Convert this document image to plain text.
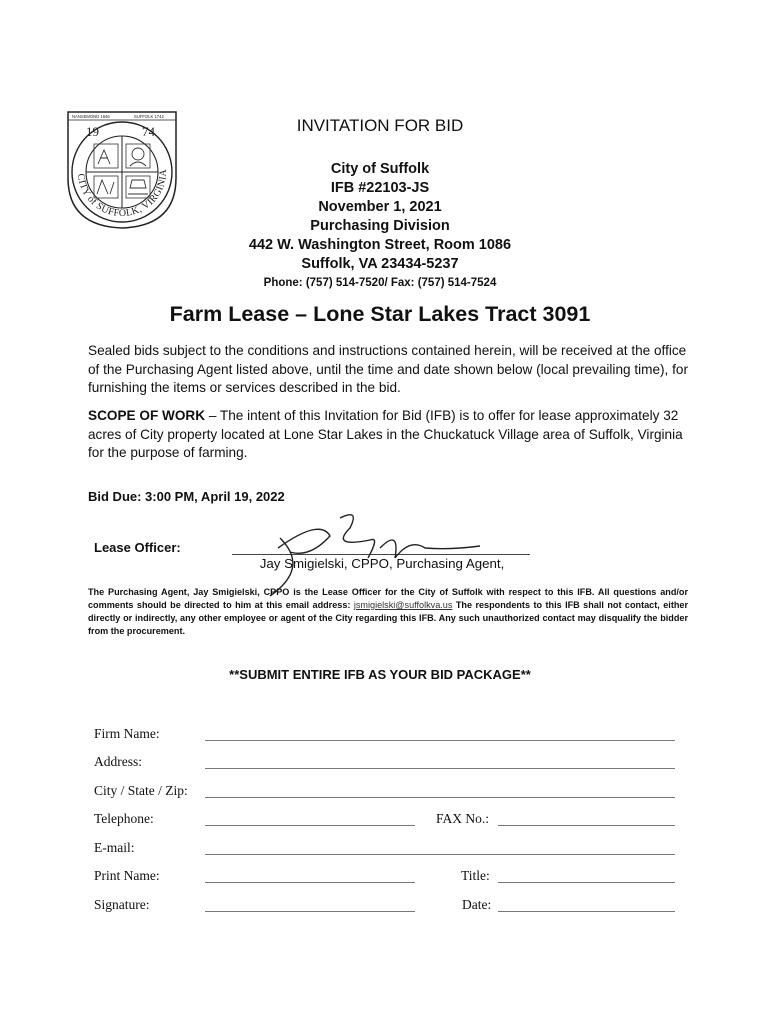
NANSEMOND 1646	SUFFOLK 1742
19	74
CITY of SUFFOLK, VIRGINIA
INVITATION FOR BID
City of Suffolk
IFB #22103-JS
November 1, 2021
Purchasing Division
442 W. Washington Street, Room 1086
Suffolk, VA 23434-5237
Phone: (757) 514-7520/ Fax: (757) 514-7524
Farm Lease – Lone Star Lakes Tract 3091
Sealed bids subject to the conditions and instructions contained herein, will be received at the office of the Purchasing Agent listed above, until the time and date shown below (local prevailing time), for furnishing the items or services described in the bid.
SCOPE OF WORK – The intent of this Invitation for Bid (IFB) is to offer for lease approximately 32 acres of City property located at Lone Star Lakes in the Chuckatuck Village area of Suffolk, Virginia for the purpose of farming.
Bid Due: 3:00 PM, April 19, 2022
Lease Officer:
Jay Smigielski, CPPO, Purchasing Agent,
The Purchasing Agent, Jay Smigielski, CPPO is the Lease Officer for the City of Suffolk with respect to this IFB. All questions and/or comments should be directed to him at this email address: jsmigielski@suffolkva.us The respondents to this IFB shall not contact, either directly or indirectly, any other employee or agent of the City regarding this IFB. Any such unauthorized contact may disqualify the bidder from the procurement.
**SUBMIT ENTIRE IFB AS YOUR BID PACKAGE**
Firm Name:
Address:
City / State / Zip:
Telephone:	FAX No.:
E-mail:
Print Name:	Title:
Signature:	Date:
